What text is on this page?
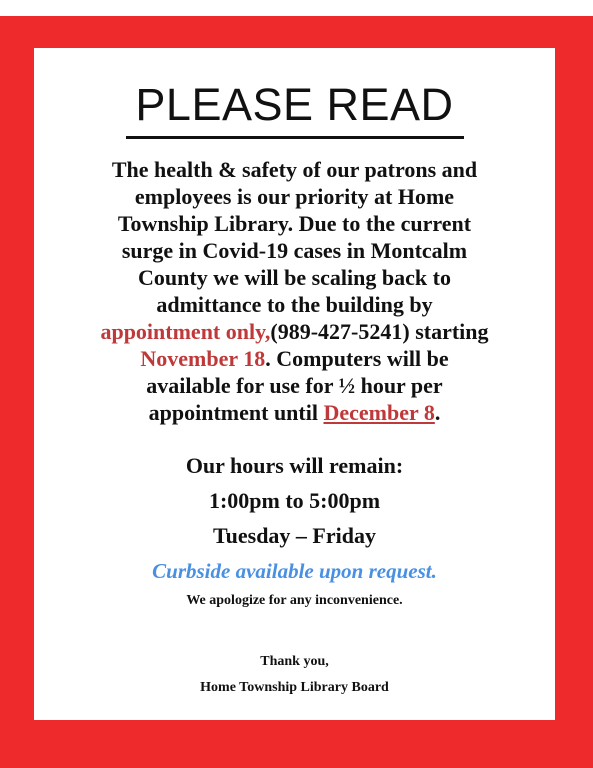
PLEASE READ
The health & safety of our patrons and
employees is our priority at Home
Township Library. Due to the current
surge in Covid-19 cases in Montcalm
County we will be scaling back to
admittance to the building by
appointment only,(989-427-5241) starting
November 18. Computers will be
available for use for ½ hour per
appointment until December 8.
Our hours will remain:
1:00pm to 5:00pm
Tuesday – Friday
Curbside available upon request.
We apologize for any inconvenience.
Thank you,
Home Township Library Board
